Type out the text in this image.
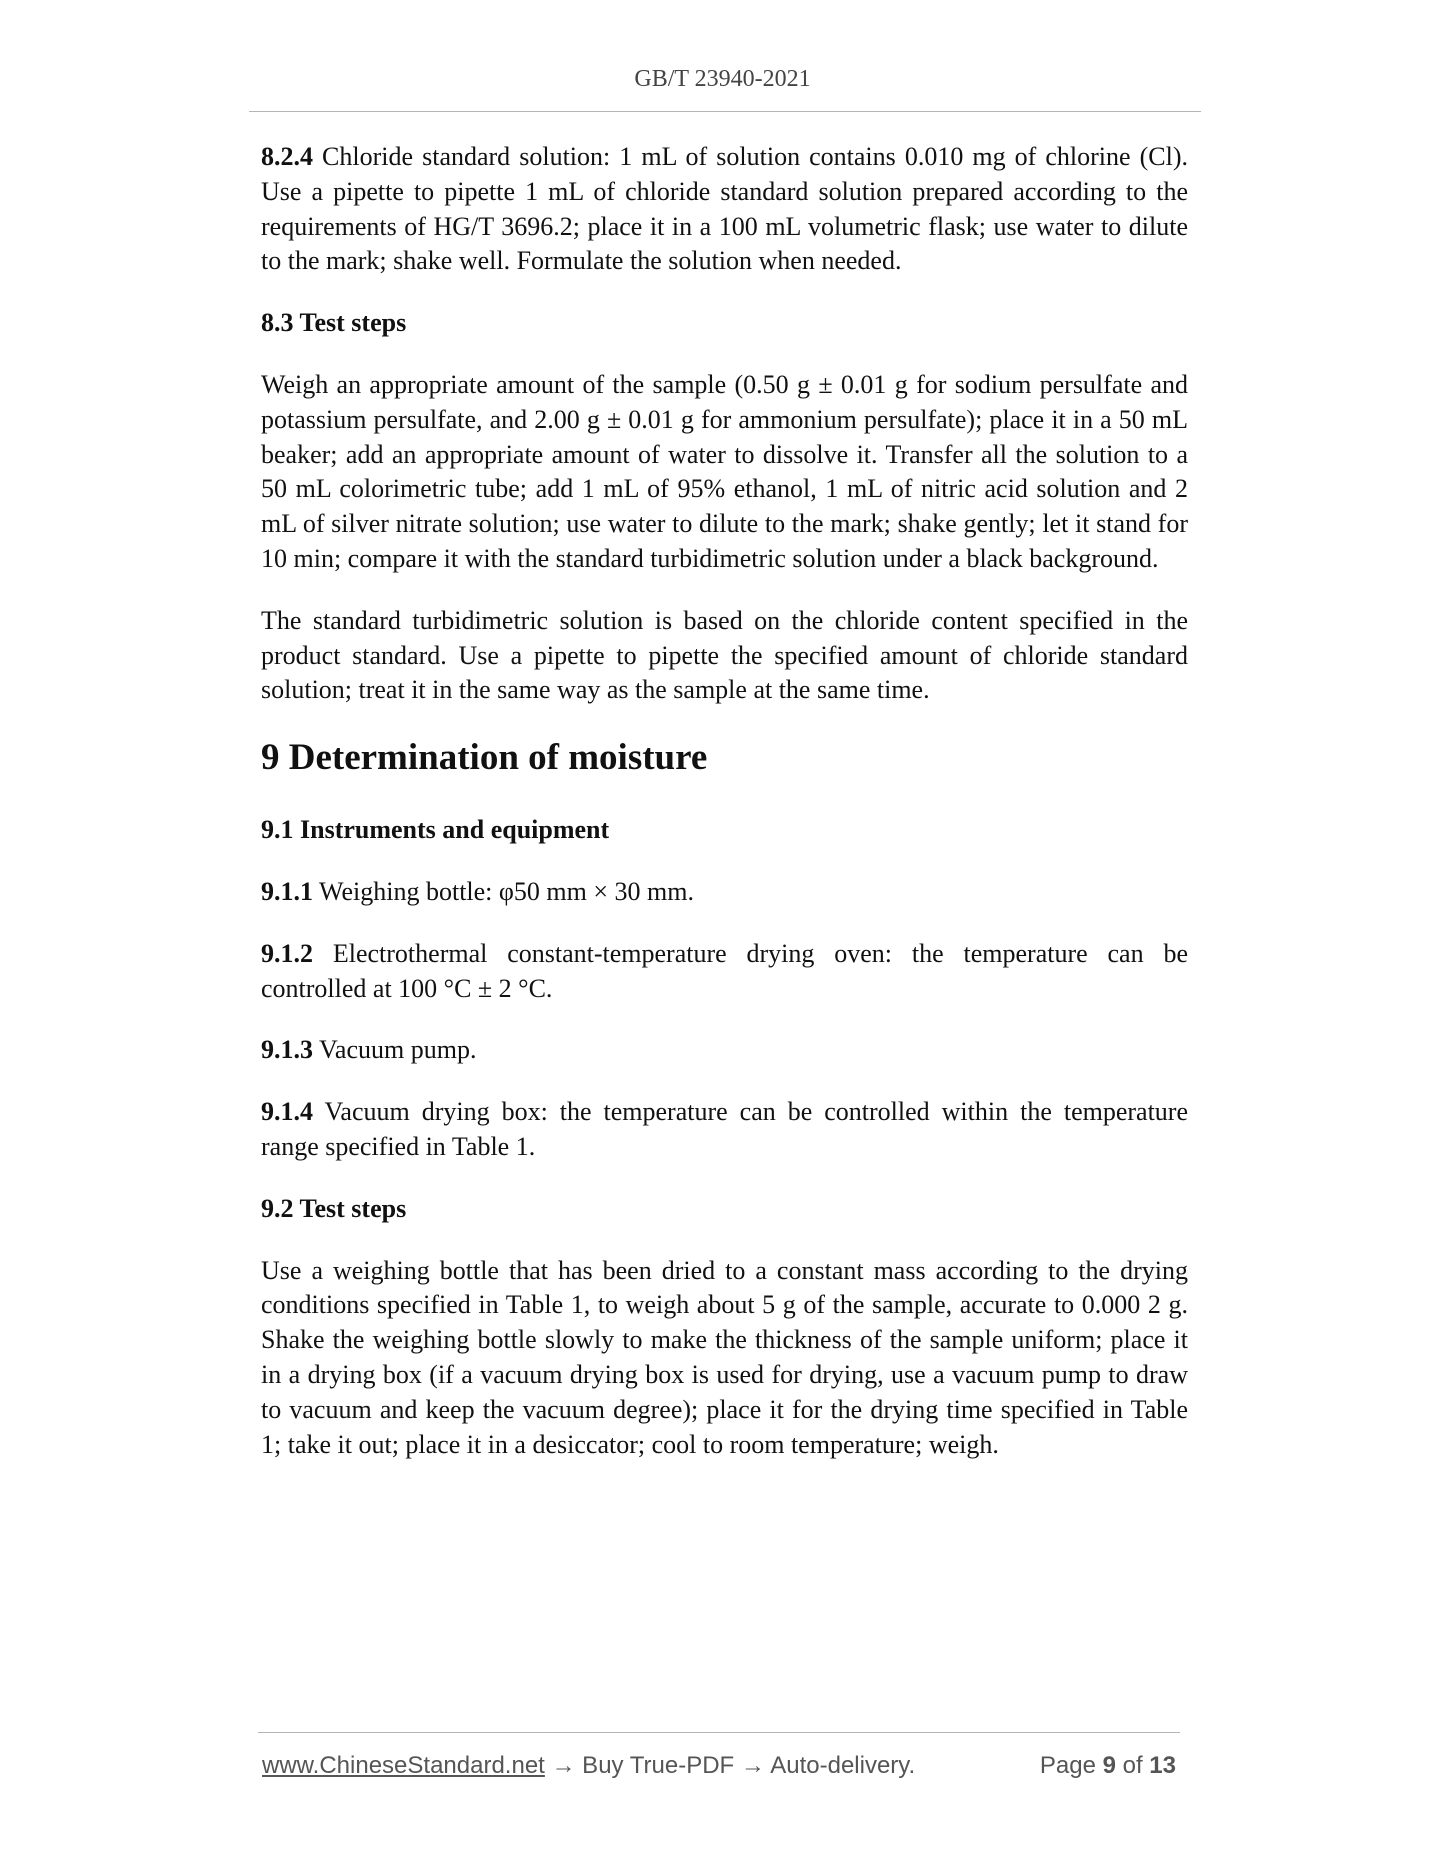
GB/T 23940-2021

8.2.4 Chloride standard solution: 1 mL of solution contains 0.010 mg of chlorine (Cl). Use a pipette to pipette 1 mL of chloride standard solution prepared according to the requirements of HG/T 3696.2; place it in a 100 mL volumetric flask; use water to dilute to the mark; shake well. Formulate the solution when needed.

8.3 Test steps

Weigh an appropriate amount of the sample (0.50 g ± 0.01 g for sodium persulfate and potassium persulfate, and 2.00 g ± 0.01 g for ammonium persulfate); place it in a 50 mL beaker; add an appropriate amount of water to dissolve it. Transfer all the solution to a 50 mL colorimetric tube; add 1 mL of 95% ethanol, 1 mL of nitric acid solution and 2 mL of silver nitrate solution; use water to dilute to the mark; shake gently; let it stand for 10 min; compare it with the standard turbidimetric solution under a black background.

The standard turbidimetric solution is based on the chloride content specified in the product standard. Use a pipette to pipette the specified amount of chloride standard solution; treat it in the same way as the sample at the same time.

9 Determination of moisture

9.1 Instruments and equipment

9.1.1 Weighing bottle: φ50 mm × 30 mm.

9.1.2 Electrothermal constant-temperature drying oven: the temperature can be controlled at 100 °C ± 2 °C.

9.1.3 Vacuum pump.

9.1.4 Vacuum drying box: the temperature can be controlled within the temperature range specified in Table 1.

9.2 Test steps

Use a weighing bottle that has been dried to a constant mass according to the drying conditions specified in Table 1, to weigh about 5 g of the sample, accurate to 0.000 2 g. Shake the weighing bottle slowly to make the thickness of the sample uniform; place it in a drying box (if a vacuum drying box is used for drying, use a vacuum pump to draw to vacuum and keep the vacuum degree); place it for the drying time specified in Table 1; take it out; place it in a desiccator; cool to room temperature; weigh.

www.ChineseStandard.net → Buy True-PDF → Auto-delivery.	Page 9 of 13
